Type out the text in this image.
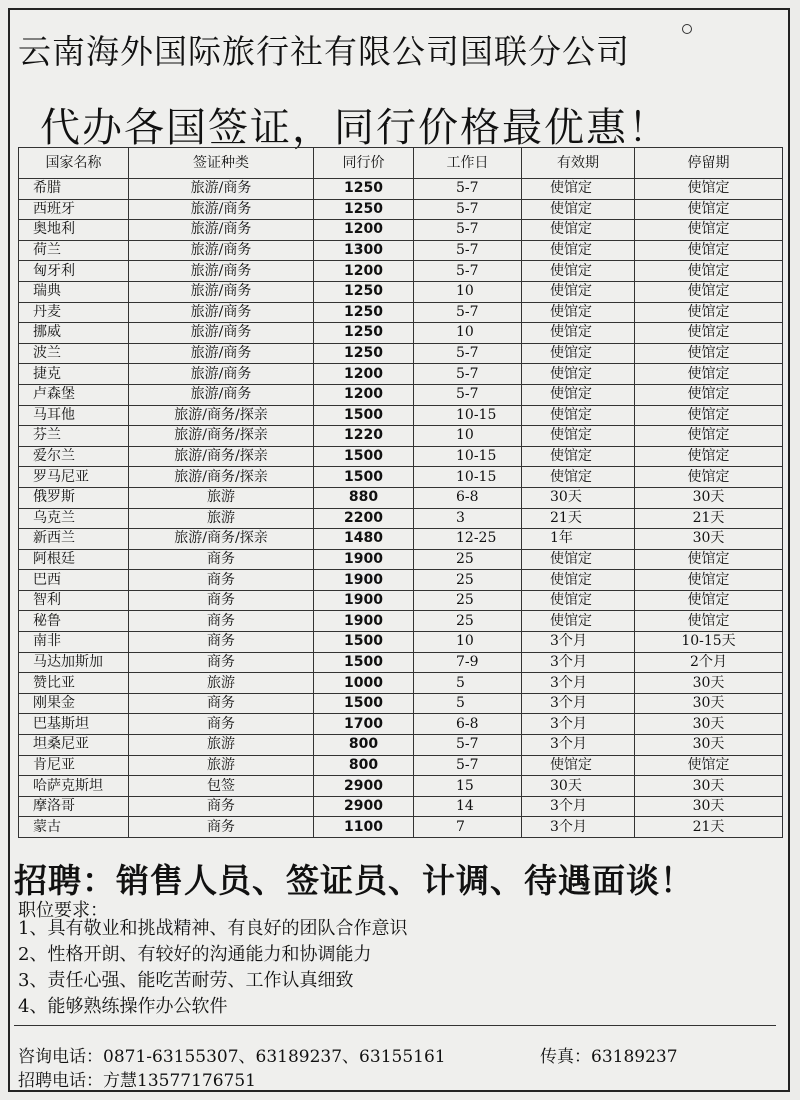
云南海外国际旅行社有限公司国联分公司
代办各国签证，同行价格最优惠！
国家名称	签证种类	同行价	工作日	有效期	停留期
希腊	旅游/商务	1250	5-7	使馆定	使馆定
西班牙	旅游/商务	1250	5-7	使馆定	使馆定
奥地利	旅游/商务	1200	5-7	使馆定	使馆定
荷兰	旅游/商务	1300	5-7	使馆定	使馆定
匈牙利	旅游/商务	1200	5-7	使馆定	使馆定
瑞典	旅游/商务	1250	10	使馆定	使馆定
丹麦	旅游/商务	1250	5-7	使馆定	使馆定
挪威	旅游/商务	1250	10	使馆定	使馆定
波兰	旅游/商务	1250	5-7	使馆定	使馆定
捷克	旅游/商务	1200	5-7	使馆定	使馆定
卢森堡	旅游/商务	1200	5-7	使馆定	使馆定
马耳他	旅游/商务/探亲	1500	10-15	使馆定	使馆定
芬兰	旅游/商务/探亲	1220	10	使馆定	使馆定
爱尔兰	旅游/商务/探亲	1500	10-15	使馆定	使馆定
罗马尼亚	旅游/商务/探亲	1500	10-15	使馆定	使馆定
俄罗斯	旅游	880	6-8	30天	30天
乌克兰	旅游	2200	3	21天	21天
新西兰	旅游/商务/探亲	1480	12-25	1年	30天
阿根廷	商务	1900	25	使馆定	使馆定
巴西	商务	1900	25	使馆定	使馆定
智利	商务	1900	25	使馆定	使馆定
秘鲁	商务	1900	25	使馆定	使馆定
南非	商务	1500	10	3个月	10-15天
马达加斯加	商务	1500	7-9	3个月	2个月
赞比亚	旅游	1000	5	3个月	30天
刚果金	商务	1500	5	3个月	30天
巴基斯坦	商务	1700	6-8	3个月	30天
坦桑尼亚	旅游	800	5-7	3个月	30天
肯尼亚	旅游	800	5-7	使馆定	使馆定
哈萨克斯坦	包签	2900	15	30天	30天
摩洛哥	商务	2900	14	3个月	30天
蒙古	商务	1100	7	3个月	21天
招聘：销售人员、签证员、计调、待遇面谈！
职位要求：
1、具有敬业和挑战精神、有良好的团队合作意识
2、性格开朗、有较好的沟通能力和协调能力
3、责任心强、能吃苦耐劳、工作认真细致
4、能够熟练操作办公软件
咨询电话：0871-63155307、63189237、63155161	传真：63189237
招聘电话：方慧13577176751
